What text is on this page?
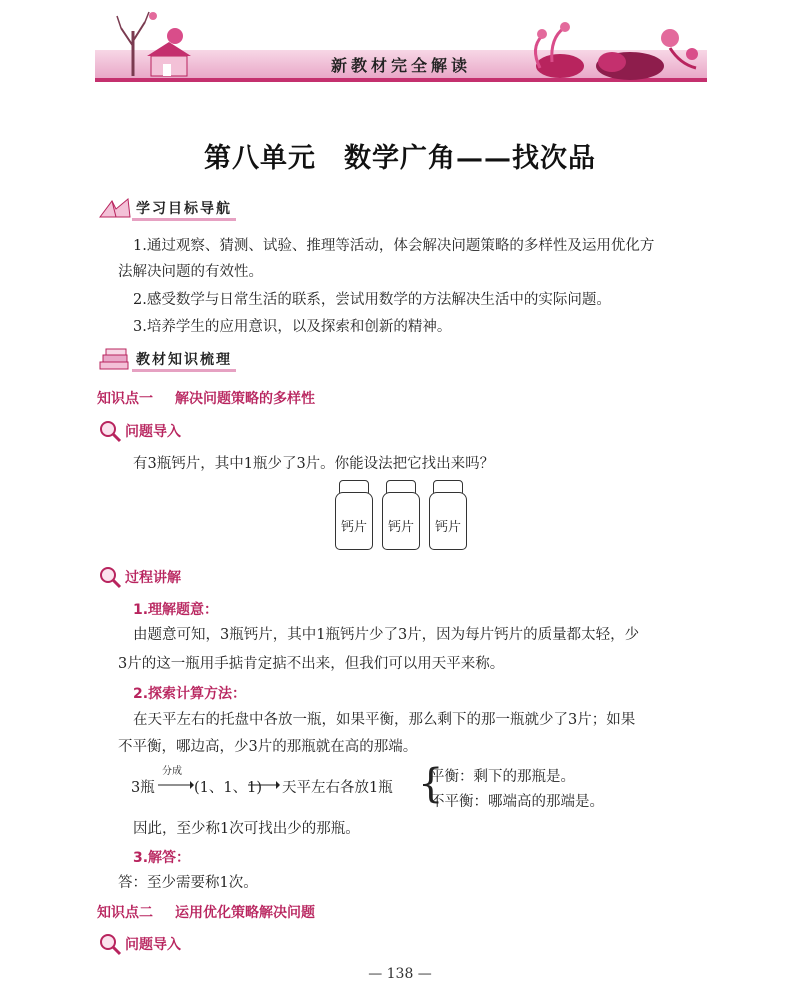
新教材完全解读
第八单元　数学广角——找次品
学习目标导航
1.通过观察、猜测、试验、推理等活动，体会解决问题策略的多样性及运用优化方
法解决问题的有效性。
2.感受数学与日常生活的联系，尝试用数学的方法解决生活中的实际问题。
3.培养学生的应用意识，以及探索和创新的精神。
教材知识梳理
知识点一 解决问题策略的多样性
问题导入
有3瓶钙片，其中1瓶少了3片。你能设法把它找出来吗？
钙片	钙片	钙片
过程讲解
1.理解题意：
由题意可知，3瓶钙片，其中1瓶钙片少了3片，因为每片钙片的质量都太轻，少
3片的这一瓶用手掂肯定掂不出来，但我们可以用天平来称。
2.探索计算方法：
在天平左右的托盘中各放一瓶，如果平衡，那么剩下的那一瓶就少了3片；如果
不平衡，哪边高，少3片的那瓶就在高的那端。
3瓶
分成
(1、1、1) 天平左右各放1瓶 {
平衡：剩下的那瓶是。
不平衡：哪端高的那端是。
因此，至少称1次可找出少的那瓶。
3.解答：
答：至少需要称1次。
知识点二 运用优化策略解决问题
问题导入
— 138 —
